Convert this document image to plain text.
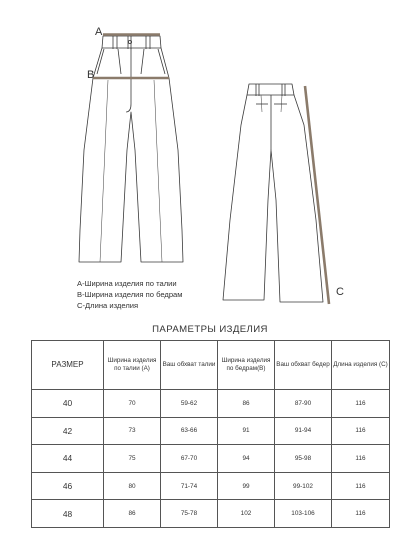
A
B
C
A-Ширина изделия по талии
B-Ширина изделия по бедрам
C-Длина изделия
ПАРАМЕТРЫ ИЗДЕЛИЯ
РАЗМЕР	Ширина изделия по талии (А)	Ваш обхват талии	Ширина изделия по бедрам(B)	Ваш обхват бедер	Длина изделия (С)
40	70	59-62	86	87-90	116
42	73	63-66	91	91-94	116
44	75	67-70	94	95-98	116
46	80	71-74	99	99-102	116
48	86	75-78	102	103-106	116
